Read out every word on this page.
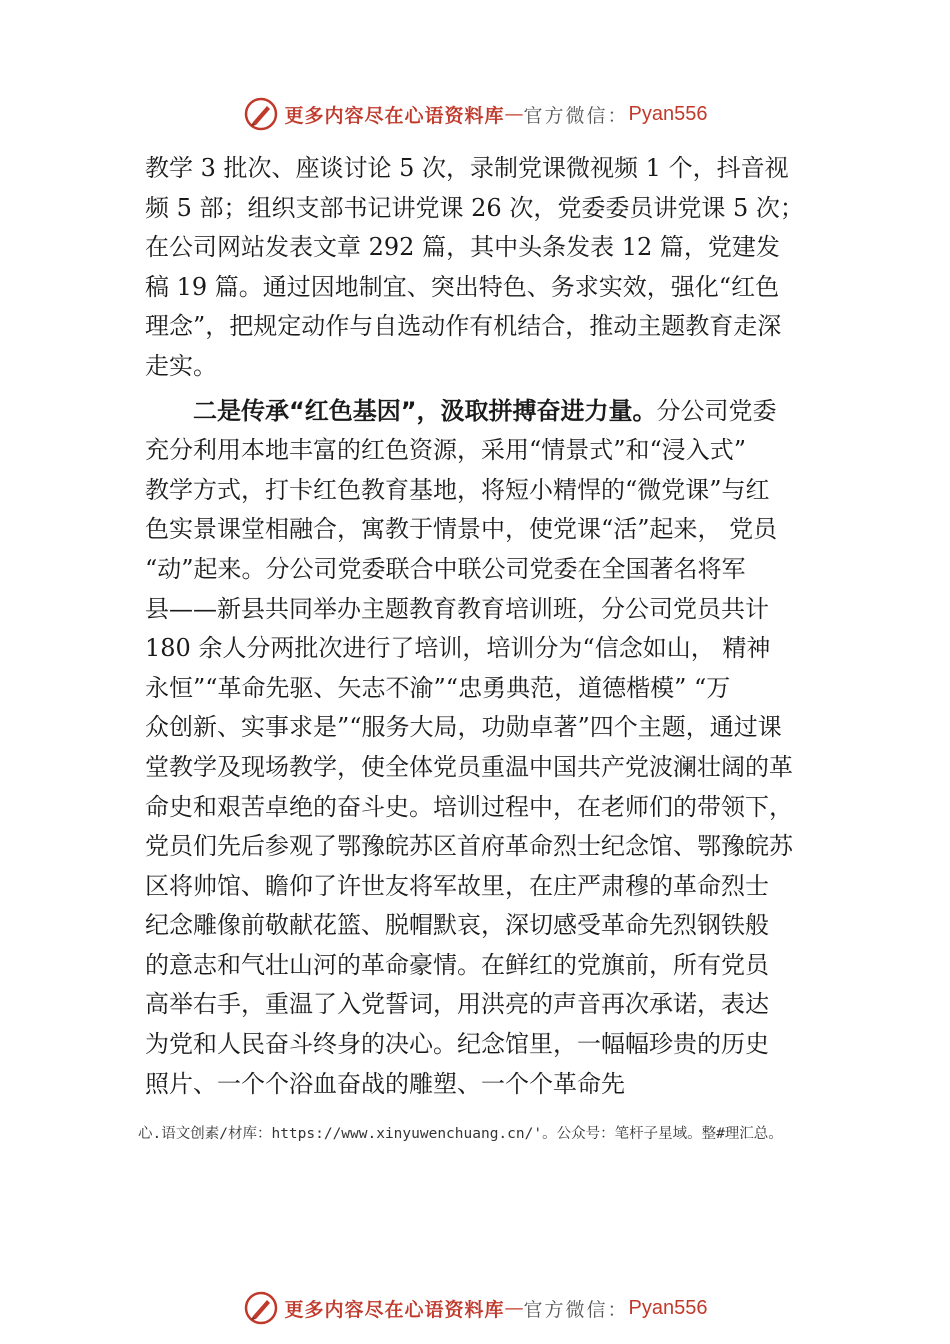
更多内容尽在心语资料库 — 官方微信： Pyan556
教学 3 批次、座谈讨论 5 次，录制党课微视频 1 个，抖音视
频 5 部；组织支部书记讲党课 26 次，党委委员讲党课 5 次；
在公司网站发表文章 292 篇，其中头条发表 12 篇，党建发
稿 19 篇。通过因地制宜、突出特色、务求实效，强化“红色
理念”，把规定动作与自选动作有机结合，推动主题教育走深
走实。
二是传承“红色基因”，汲取拼搏奋进力量。分公司党委
充分利用本地丰富的红色资源，采用“情景式”和“浸入式”
教学方式，打卡红色教育基地，将短小精悍的“微党课”与红
色实景课堂相融合，寓教于情景中，使党课“活”起来， 党员
“动”起来。分公司党委联合中联公司党委在全国著名将军
县——新县共同举办主题教育教育培训班，分公司党员共计
180 余人分两批次进行了培训，培训分为“信念如山， 精神
永恒”“革命先驱、矢志不渝”“忠勇典范，道德楷模” “万
众创新、实事求是”“服务大局，功勋卓著”四个主题，通过课
堂教学及现场教学，使全体党员重温中国共产党波澜壮阔的革
命史和艰苦卓绝的奋斗史。培训过程中，在老师们的带领下，
党员们先后参观了鄂豫皖苏区首府革命烈士纪念馆、鄂豫皖苏
区将帅馆、瞻仰了许世友将军故里，在庄严肃穆的革命烈士
纪念雕像前敬献花篮、脱帽默哀，深切感受革命先烈钢铁般
的意志和气壮山河的革命豪情。在鲜红的党旗前，所有党员
高举右手，重温了入党誓词，用洪亮的声音再次承诺，表达
为党和人民奋斗终身的决心。纪念馆里，一幅幅珍贵的历史
照片、一个个浴血奋战的雕塑、一个个革命先
心.语文创素/材库：https://www.xinyuwenchuang.cn/'。公众号：笔杆子星域。整#理汇总。
更多内容尽在心语资料库 — 官方微信： Pyan556
